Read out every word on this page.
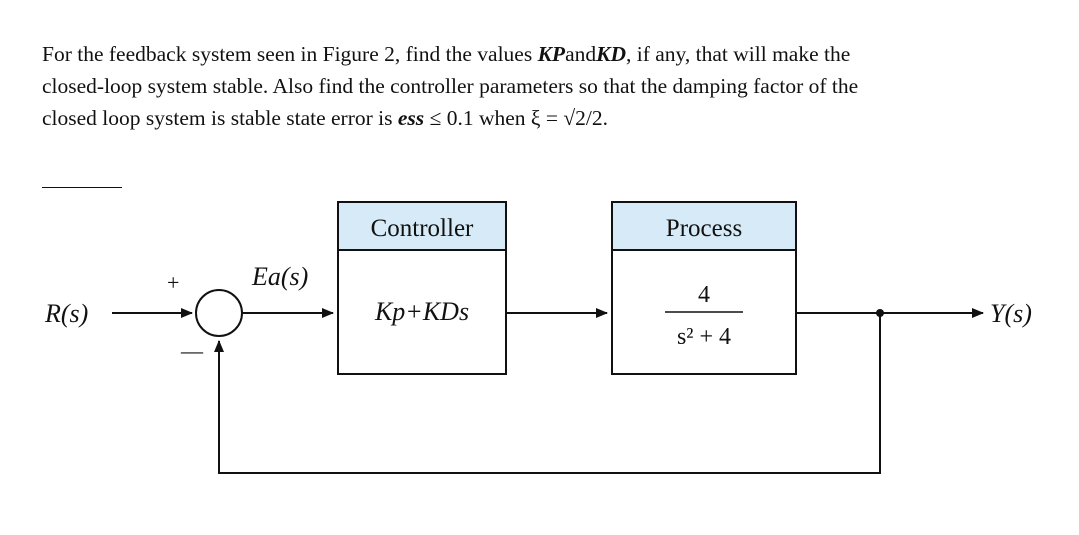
For the feedback system seen in Figure 2, find the values KPandKD, if any, that will make the

closed-loop system stable. Also find the controller parameters so that the damping factor of the

closed loop system is stable state error is ess ≤ 0.1 when ξ = √2/2.

R(s)
+
—
Ea(s)
Controller
Kp+KDs
Process
4
s² + 4
Y(s)
